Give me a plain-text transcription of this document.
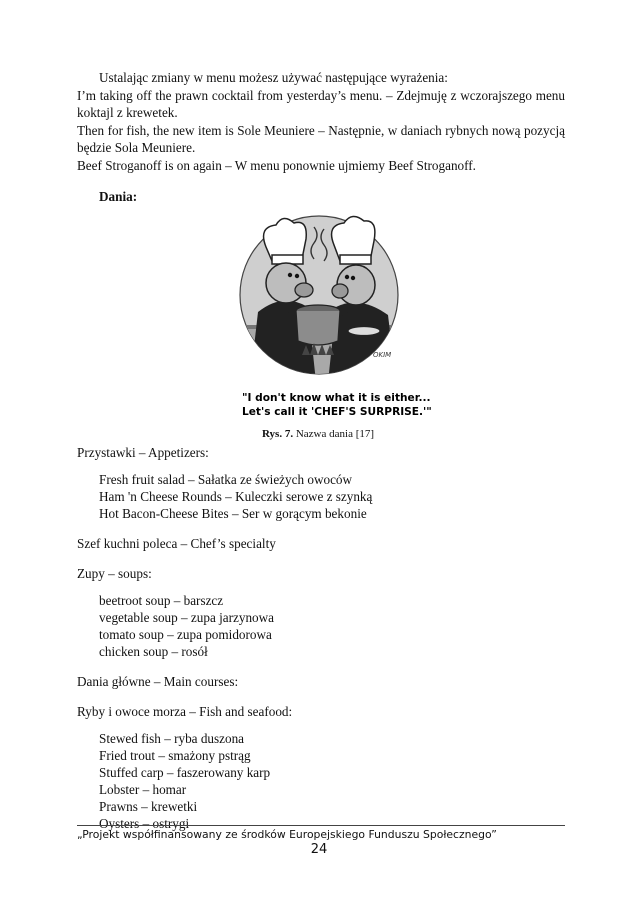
Ustalając zmiany w menu możesz używać następujące wyrażenia:

I’m taking off the prawn cocktail from yesterday’s menu. – Zdejmuję z wczorajszego menu koktajl z krewetek.

Then for fish, the new item is Sole Meuniere – Następnie, w daniach rybnych nową pozycją będzie Sola Meuniere.

Beef Stroganoff is on again – W menu ponownie ujmiemy Beef Stroganoff.

Dania:

OKIM
"I don't know what it is either...
Let's call it 'CHEF'S SURPRISE.'"
Rys. 7. Nazwa dania [17]

Przystawki – Appetizers:

Fresh fruit salad – Sałatka ze świeżych owoców

Ham 'n Cheese Rounds – Kuleczki serowe z szynką

Hot Bacon-Cheese Bites – Ser w gorącym bekonie

Szef kuchni poleca – Chef’s specialty

Zupy – soups:

beetroot soup – barszcz

vegetable soup – zupa jarzynowa

tomato soup – zupa pomidorowa

chicken soup – rosół

Dania główne – Main courses:

Ryby i owoce morza – Fish and seafood:

Stewed fish – ryba duszona

Fried trout – smażony pstrąg

Stuffed carp – faszerowany karp

Lobster – homar

Prawns – krewetki

Oysters – ostrygi

„Projekt współfinansowany ze środków Europejskiego Funduszu Społecznego”
24
